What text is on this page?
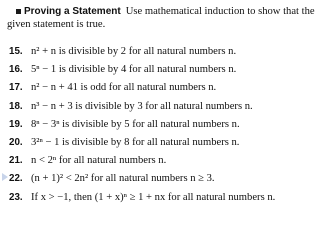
Proving a Statement Use mathematical induction to show that the given statement is true.
15. n² + n is divisible by 2 for all natural numbers n.
16. 5ⁿ − 1 is divisible by 4 for all natural numbers n.
17. n² − n + 41 is odd for all natural numbers n.
18. n³ − n + 3 is divisible by 3 for all natural numbers n.
19. 8ⁿ − 3ⁿ is divisible by 5 for all natural numbers n.
20. 3²ⁿ − 1 is divisible by 8 for all natural numbers n.
21. n < 2ⁿ for all natural numbers n.
22. (n + 1)² < 2n² for all natural numbers n ≥ 3.
23. If x > −1, then (1 + x)ⁿ ≥ 1 + nx for all natural numbers n.
